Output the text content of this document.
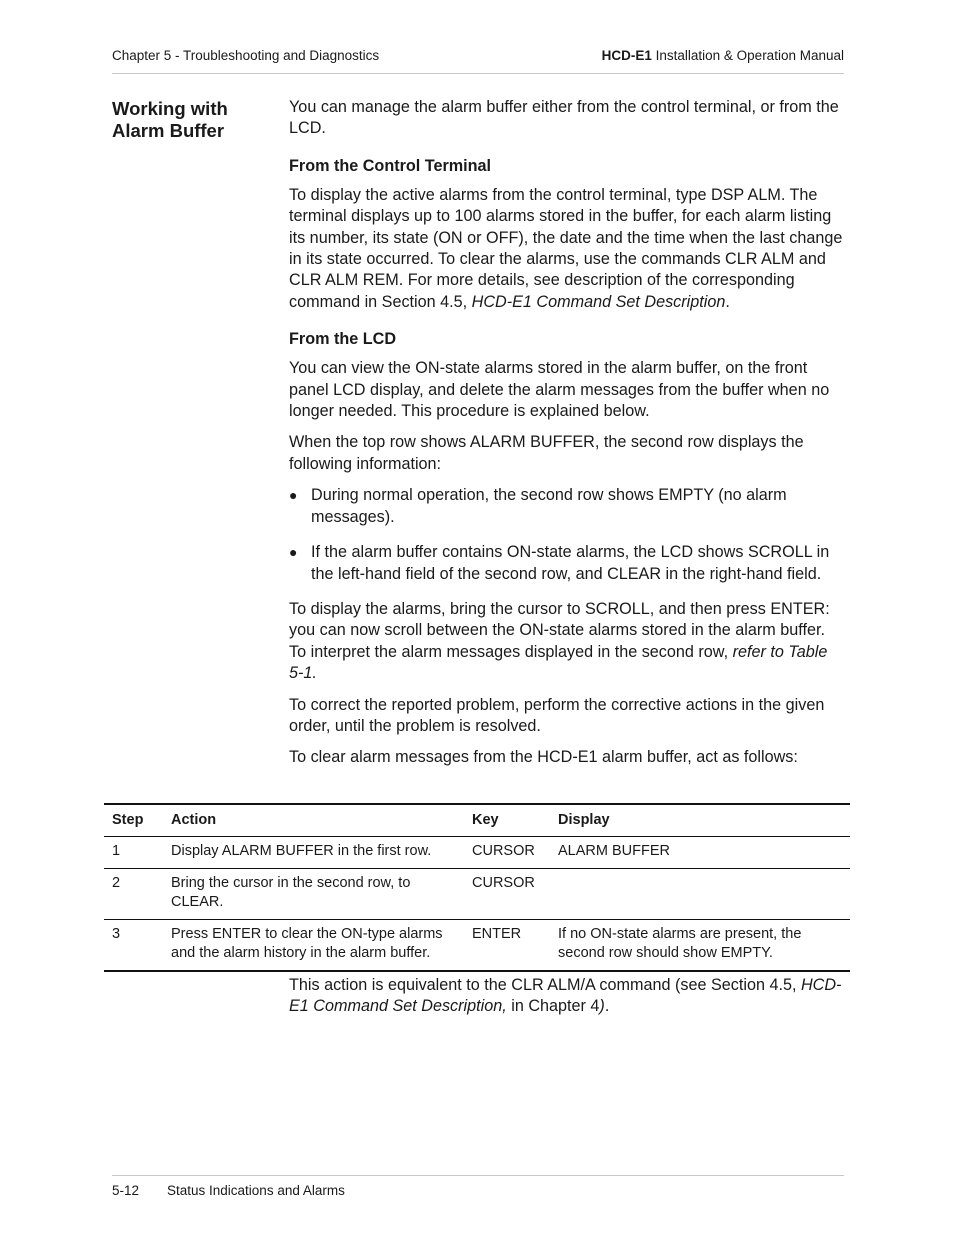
Chapter 5 - Troubleshooting and Diagnostics	HCD-E1 Installation & Operation Manual
Working with
Alarm Buffer

You can manage the alarm buffer either from the control terminal, or from the LCD.

From the Control Terminal

To display the active alarms from the control terminal, type DSP ALM. The terminal displays up to 100 alarms stored in the buffer, for each alarm listing its number, its state (ON or OFF), the date and the time when the last change in its state occurred. To clear the alarms, use the commands CLR ALM and CLR ALM REM. For more details, see description of the corresponding command in Section 4.5, HCD-E1 Command Set Description.

From the LCD

You can view the ON-state alarms stored in the alarm buffer, on the front panel LCD display, and delete the alarm messages from the buffer when no longer needed. This procedure is explained below.

When the top row shows ALARM BUFFER, the second row displays the following information:

● During normal operation, the second row shows EMPTY (no alarm messages).
● If the alarm buffer contains ON-state alarms, the LCD shows SCROLL in the left-hand field of the second row, and CLEAR in the right-hand field.

To display the alarms, bring the cursor to SCROLL, and then press ENTER: you can now scroll between the ON-state alarms stored in the alarm buffer. To interpret the alarm messages displayed in the second row, refer to Table 5-1.

To correct the reported problem, perform the corrective actions in the given order, until the problem is resolved.

To clear alarm messages from the HCD-E1 alarm buffer, act as follows:

Step	Action	Key	Display
1	Display ALARM BUFFER in the first row.	CURSOR	ALARM BUFFER
2	Bring the cursor in the second row, to CLEAR.	CURSOR	
3	Press ENTER to clear the ON-type alarms and the alarm history in the alarm buffer.	ENTER	If no ON-state alarms are present, the second row should show EMPTY.
This action is equivalent to the CLR ALM/A command (see Section 4.5, HCD-E1 Command Set Description, in Chapter 4).
5-12 Status Indications and Alarms
